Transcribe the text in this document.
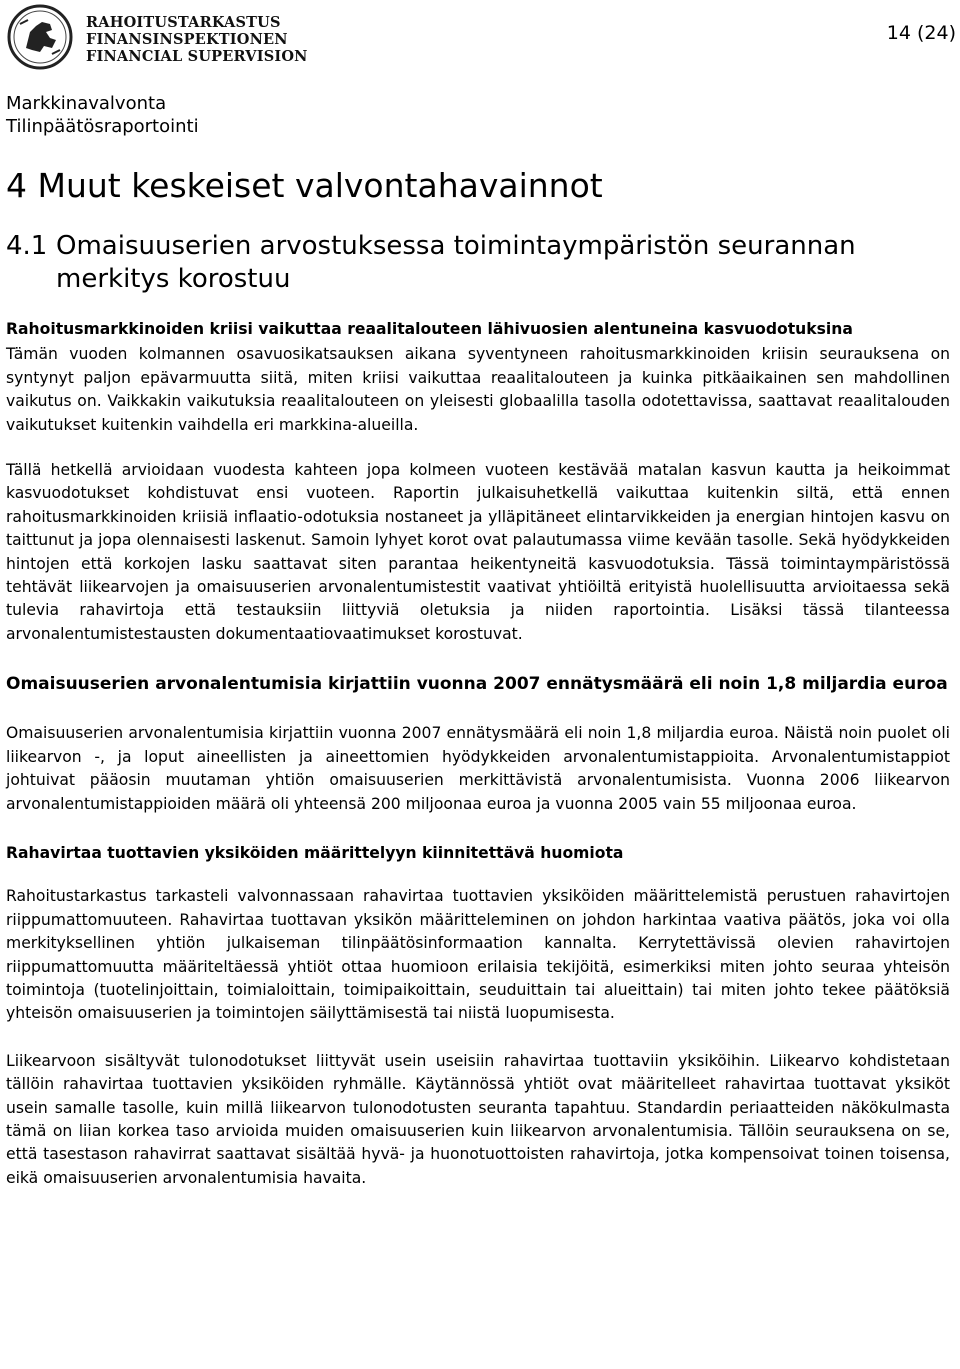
RAHOITUSTARKASTUS
FINANSINSPEKTIONEN
FINANCIAL SUPERVISION
14 (24)
Markkinavalvonta
Tilinpäätösraportointi
4 Muut keskeiset valvontahavainnot
4.1 Omaisuuserien arvostuksessa toimintaympäristön seurannan
merkitys korostuu

Rahoitusmarkkinoiden kriisi vaikuttaa reaalitalouteen lähivuosien alentuneina kasvuodotuksina

Tämän vuoden kolmannen osavuosikatsauksen aikana syventyneen rahoitusmarkkinoiden kriisin seurauksena on syntynyt paljon epävarmuutta siitä, miten kriisi vaikuttaa reaalitalouteen ja kuinka pitkäaikainen sen mahdollinen vaikutus on. Vaikkakin vaikutuksia reaalitalouteen on yleisesti globaalilla tasolla odotettavissa, saattavat reaalitalouden vaikutukset kuitenkin vaihdella eri markkina-alueilla.

Tällä hetkellä arvioidaan vuodesta kahteen jopa kolmeen vuoteen kestävää matalan kasvun kautta ja heikoimmat kasvuodotukset kohdistuvat ensi vuoteen. Raportin julkaisuhetkellä vaikuttaa kuitenkin siltä, että ennen rahoitusmarkkinoiden kriisiä inflaatio-odotuksia nostaneet ja ylläpitäneet elintarvikkeiden ja energian hintojen kasvu on taittunut ja jopa olennaisesti laskenut. Samoin lyhyet korot ovat palautumassa viime kevään tasolle. Sekä hyödykkeiden hintojen että korkojen lasku saattavat siten parantaa heikentyneitä kasvuodotuksia. Tässä toimintaympäristössä tehtävät liikearvojen ja omaisuuserien arvonalentumistestit vaativat yhtiöiltä erityistä huolellisuutta arvioitaessa sekä tulevia rahavirtoja että testauksiin liittyviä oletuksia ja niiden raportointia. Lisäksi tässä tilanteessa arvonalentumistestausten dokumentaatiovaatimukset korostuvat.

Omaisuuserien arvonalentumisia kirjattiin vuonna 2007 ennätysmäärä eli noin 1,8 miljardia euroa

Omaisuuserien arvonalentumisia kirjattiin vuonna 2007 ennätysmäärä eli noin 1,8 miljardia euroa. Näistä noin puolet oli liikearvon -, ja loput aineellisten ja aineettomien hyödykkeiden arvonalentumistappioita. Arvonalentumistappiot johtuivat pääosin muutaman yhtiön omaisuuserien merkittävistä arvonalentumisista. Vuonna 2006 liikearvon arvonalentumistappioiden määrä oli yhteensä 200 miljoonaa euroa ja vuonna 2005 vain 55 miljoonaa euroa.

Rahavirtaa tuottavien yksiköiden määrittelyyn kiinnitettävä huomiota

Rahoitustarkastus tarkasteli valvonnassaan rahavirtaa tuottavien yksiköiden määrittelemistä perustuen rahavirtojen riippumattomuuteen. Rahavirtaa tuottavan yksikön määritteleminen on johdon harkintaa vaativa päätös, joka voi olla merkityksellinen yhtiön julkaiseman tilinpäätösinformaation kannalta. Kerrytettävissä olevien rahavirtojen riippumattomuutta määriteltäessä yhtiöt ottaa huomioon erilaisia tekijöitä, esimerkiksi miten johto seuraa yhteisön toimintoja (tuotelinjoittain, toimialoittain, toimipaikoittain, seuduittain tai alueittain) tai miten johto tekee päätöksiä yhteisön omaisuuserien ja toimintojen säilyttämisestä tai niistä luopumisesta.

Liikearvoon sisältyvät tulonodotukset liittyvät usein useisiin rahavirtaa tuottaviin yksiköihin. Liikearvo kohdistetaan tällöin rahavirtaa tuottavien yksiköiden ryhmälle. Käytännössä yhtiöt ovat määritelleet rahavirtaa tuottavat yksiköt usein samalle tasolle, kuin millä liikearvon tulonodotusten seuranta tapahtuu. Standardin periaatteiden näkökulmasta tämä on liian korkea taso arvioida muiden omaisuuserien kuin liikearvon arvonalentumisia. Tällöin seurauksena on se, että tasestason rahavirrat saattavat sisältää hyvä- ja huonotuottoisten rahavirtoja, jotka kompensoivat toinen toisensa, eikä omaisuuserien arvonalentumisia havaita.
